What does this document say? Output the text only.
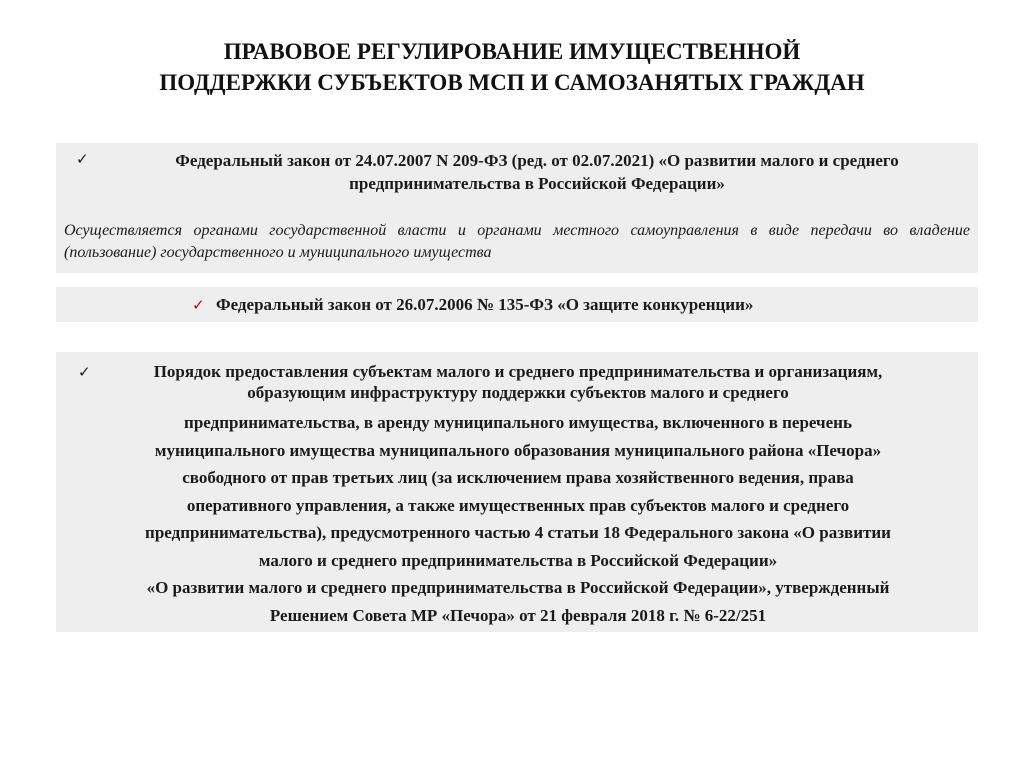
ПРАВОВОЕ РЕГУЛИРОВАНИЕ ИМУЩЕСТВЕННОЙ
ПОДДЕРЖКИ СУБЪЕКТОВ МСП И САМОЗАНЯТЫХ ГРАЖДАН
✓	Федеральный закон от 24.07.2007 N 209-ФЗ (ред. от 02.07.2021) «О развитии малого и среднего предпринимательства в Российской Федерации»
Осуществляется органами государственной власти и органами местного самоуправления в виде передачи во владение (пользование) государственного и муниципального имущества
✓ Федеральный закон от 26.07.2006 № 135-ФЗ «О защите конкуренции»
✓	Порядок предоставления субъектам малого и среднего предпринимательства и организациям,
образующим инфраструктуру поддержки субъектов малого и среднего
предпринимательства, в аренду муниципального имущества, включенного в перечень
муниципального имущества муниципального образования муниципального района «Печора»
свободного от прав третьих лиц (за исключением права хозяйственного ведения, права
оперативного управления, а также имущественных прав субъектов малого и среднего
предпринимательства), предусмотренного частью 4 статьи 18 Федерального закона «О развитии
малого и среднего предпринимательства в Российской Федерации»
«О развитии малого и среднего предпринимательства в Российской Федерации», утвержденный
Решением Совета МР «Печора» от 21 февраля 2018 г. № 6-22/251
